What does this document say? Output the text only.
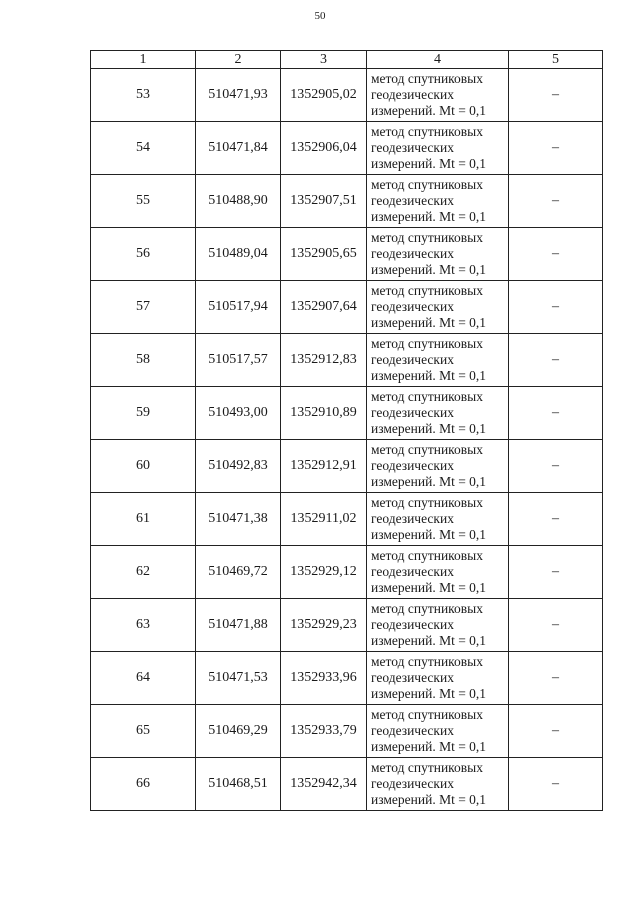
50
1	2	3	4	5
53	510471,93	1352905,02	метод спутниковых
геодезических
измерений. Mt = 0,1	–
54	510471,84	1352906,04	метод спутниковых
геодезических
измерений. Mt = 0,1	–
55	510488,90	1352907,51	метод спутниковых
геодезических
измерений. Mt = 0,1	–
56	510489,04	1352905,65	метод спутниковых
геодезических
измерений. Mt = 0,1	–
57	510517,94	1352907,64	метод спутниковых
геодезических
измерений. Mt = 0,1	–
58	510517,57	1352912,83	метод спутниковых
геодезических
измерений. Mt = 0,1	–
59	510493,00	1352910,89	метод спутниковых
геодезических
измерений. Mt = 0,1	–
60	510492,83	1352912,91	метод спутниковых
геодезических
измерений. Mt = 0,1	–
61	510471,38	1352911,02	метод спутниковых
геодезических
измерений. Mt = 0,1	–
62	510469,72	1352929,12	метод спутниковых
геодезических
измерений. Mt = 0,1	–
63	510471,88	1352929,23	метод спутниковых
геодезических
измерений. Mt = 0,1	–
64	510471,53	1352933,96	метод спутниковых
геодезических
измерений. Mt = 0,1	–
65	510469,29	1352933,79	метод спутниковых
геодезических
измерений. Mt = 0,1	–
66	510468,51	1352942,34	метод спутниковых
геодезических
измерений. Mt = 0,1	–
